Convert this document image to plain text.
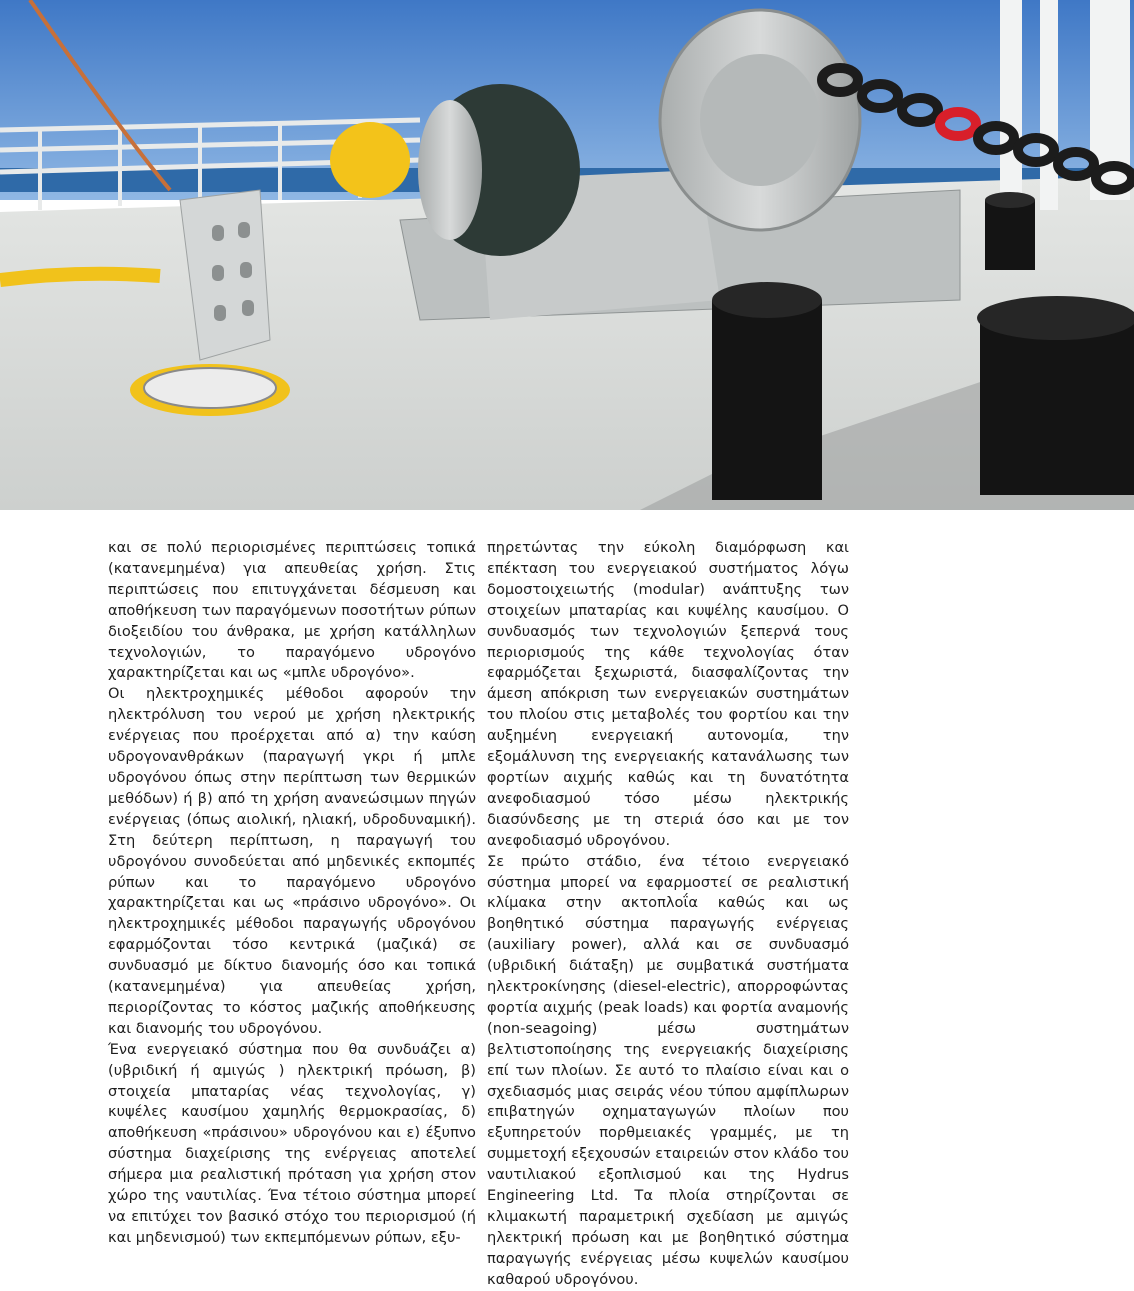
και σε πολύ περιορισμένες περιπτώσεις τοπικά (κατανεμημένα) για απευθείας χρήση. Στις περιπτώσεις που επιτυγχάνεται δέσμευση και αποθήκευση των παραγόμενων ποσοτήτων ρύπων διοξειδίου του άνθρακα, με χρήση κατάλληλων τεχνολογιών, το παραγόμενο υδρογόνο χαρακτηρίζεται και ως «μπλε υδρογόνο».

Οι ηλεκτροχημικές μέθοδοι αφορούν την ηλεκτρόλυση του νερού με χρήση ηλεκτρικής ενέργειας που προέρχεται από α) την καύση υδρογονανθράκων (παραγωγή γκρι ή μπλε υδρογόνου όπως στην περίπτωση των θερμικών μεθόδων) ή β) από τη χρήση ανανεώσιμων πηγών ενέργειας (όπως αιολική, ηλιακή, υδροδυναμική). Στη δεύτερη περίπτωση, η παραγωγή του υδρογόνου συνοδεύεται από μηδενικές εκπομπές ρύπων και το παραγόμενο υδρογόνο χαρακτηρίζεται και ως «πράσινο υδρογόνο». Οι ηλεκτροχημικές μέθοδοι παραγωγής υδρογόνου εφαρμόζονται τόσο κεντρικά (μαζικά) σε συνδυασμό με δίκτυο διανομής όσο και τοπικά (κατανεμημένα) για απευθείας χρήση, περιορίζοντας το κόστος μαζικής αποθήκευσης και διανομής του υδρογόνου.

Ένα ενεργειακό σύστημα που θα συνδυάζει α) (υβριδική ή αμιγώς ) ηλεκτρική πρόωση, β) στοιχεία μπαταρίας νέας τεχνολογίας, γ) κυψέλες καυσίμου χαμηλής θερμοκρασίας, δ) αποθήκευση «πράσινου» υδρογόνου και ε) έξυπνο σύστημα διαχείρισης της ενέργειας αποτελεί σήμερα μια ρεαλιστική πρόταση για χρήση στον χώρο της ναυτιλίας. Ένα τέτοιο σύστημα μπορεί να επιτύχει τον βασικό στόχο του περιορισμού (ή και μηδενισμού) των εκπεμπόμενων ρύπων, εξυ-

πηρετώντας την εύκολη διαμόρφωση και επέκταση του ενεργειακού συστήματος λόγω δομοστοιχειωτής (modular) ανάπτυξης των στοιχείων μπαταρίας και κυψέλης καυσίμου. Ο συνδυασμός των τεχνολογιών ξεπερνά τους περιορισμούς της κάθε τεχνολογίας όταν εφαρμόζεται ξεχωριστά, διασφαλίζοντας την άμεση απόκριση των ενεργειακών συστημάτων του πλοίου στις μεταβολές του φορτίου και την αυξημένη ενεργειακή αυτονομία, την εξομάλυνση της ενεργειακής κατανάλωσης των φορτίων αιχμής καθώς και τη δυνατότητα ανεφοδιασμού τόσο μέσω ηλεκτρικής διασύνδεσης με τη στεριά όσο και με τον ανεφοδιασμό υδρογόνου.

Σε πρώτο στάδιο, ένα τέτοιο ενεργειακό σύστημα μπορεί να εφαρμοστεί σε ρεαλιστική κλίμακα στην ακτοπλοΐα καθώς και ως βοηθητικό σύστημα παραγωγής ενέργειας (auxiliary power), αλλά και σε συνδυασμό (υβριδική διάταξη) με συμβατικά συστήματα ηλεκτροκίνησης (diesel-electric), απορροφώντας φορτία αιχμής (peak loads) και φορτία αναμονής (non-seagoing) μέσω συστημάτων βελτιστοποίησης της ενεργειακής διαχείρισης επί των πλοίων. Σε αυτό το πλαίσιο είναι και ο σχεδιασμός μιας σειράς νέου τύπου αμφίπλωρων επιβατηγών οχηματαγωγών πλοίων που εξυπηρετούν πορθμειακές γραμμές, με τη συμμετοχή εξεχουσών εταιρειών στον κλάδο του ναυτιλιακού εξοπλισμού και της Hydrus Engineering Ltd. Τα πλοία στηρίζονται σε κλιμακωτή παραμετρική σχεδίαση με αμιγώς ηλεκτρική πρόωση και με βοηθητικό σύστημα παραγωγής ενέργειας μέσω κυψελών καυσίμου καθαρού υδρογόνου.
